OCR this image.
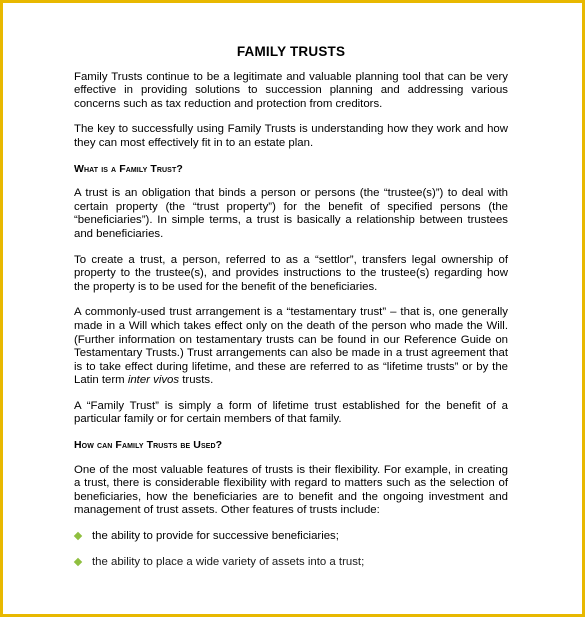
FAMILY TRUSTS

Family Trusts continue to be a legitimate and valuable planning tool that can be very effective in providing solutions to succession planning and addressing various concerns such as tax reduction and protection from creditors.

The key to successfully using Family Trusts is understanding how they work and how they can most effectively fit in to an estate plan.

What is a Family Trust?

A trust is an obligation that binds a person or persons (the “trustee(s)”) to deal with certain property (the “trust property”) for the benefit of specified persons (the “beneficiaries”). In simple terms, a trust is basically a relationship between trustees and beneficiaries.

To create a trust, a person, referred to as a “settlor”, transfers legal ownership of property to the trustee(s), and provides instructions to the trustee(s) regarding how the property is to be used for the benefit of the beneficiaries.

A commonly-used trust arrangement is a “testamentary trust” – that is, one generally made in a Will which takes effect only on the death of the person who made the Will. (Further information on testamentary trusts can be found in our Reference Guide on Testamentary Trusts.) Trust arrangements can also be made in a trust agreement that is to take effect during lifetime, and these are referred to as “lifetime trusts” or by the Latin term inter vivos trusts.

A “Family Trust” is simply a form of lifetime trust established for the benefit of a particular family or for certain members of that family.

How can Family Trusts be Used?

One of the most valuable features of trusts is their flexibility. For example, in creating a trust, there is considerable flexibility with regard to matters such as the selection of beneficiaries, how the beneficiaries are to benefit and the ongoing investment and management of trust assets. Other features of trusts include:

the ability to provide for successive beneficiaries;
the ability to place a wide variety of assets into a trust;
